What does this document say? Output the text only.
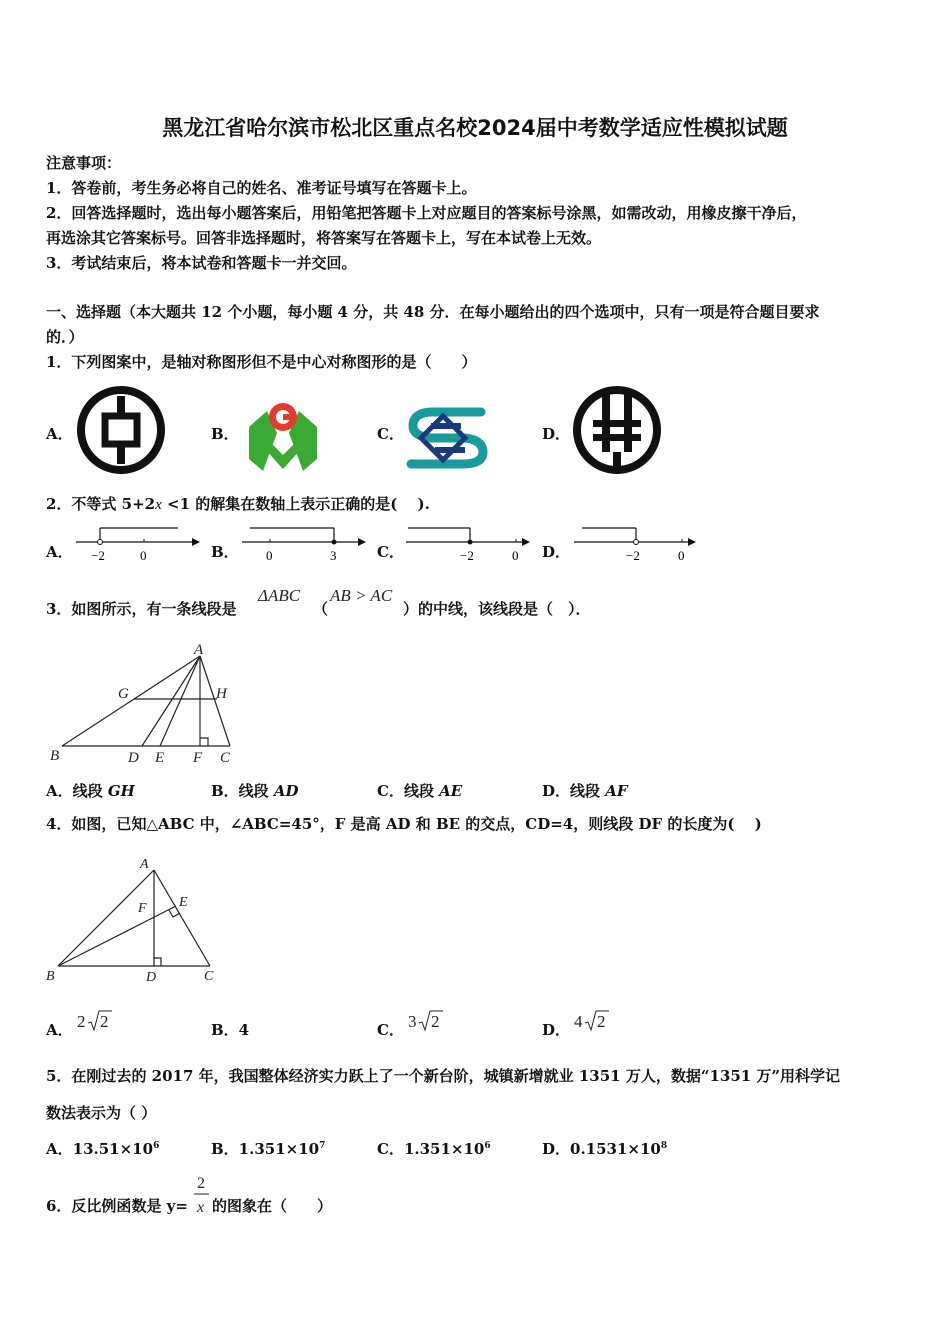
黑龙江省哈尔滨市松北区重点名校2024届中考数学适应性模拟试题
注意事项：
1．答卷前，考生务必将自己的姓名、准考证号填写在答题卡上。
2．回答选择题时，选出每小题答案后，用铅笔把答题卡上对应题目的答案标号涂黑，如需改动，用橡皮擦干净后，
再选涂其它答案标号。回答非选择题时，将答案写在答题卡上，写在本试卷上无效。
3．考试结束后，将本试卷和答题卡一并交回。
一、选择题（本大题共 12 个小题，每小题 4 分，共 48 分．在每小题给出的四个选项中，只有一项是符合题目要求
的．）
1．下列图案中，是轴对称图形但不是中心对称图形的是（　　）
A．	B．	C．	D．
2．不等式 5+2x <1 的解集在数轴上表示正确的是(　 ).
A．	B．	C．	D．
−2	0	0	3	−2	0	−2	0
3．如图所示，有一条线段是
ΔABC
（
AB > AC
）的中线，该线段是（　）．
A
G	H
B	D E F C
A．线段 GH	B．线段 AD	C．线段 AE	D．线段 AF
4．如图，已知△ABC 中，∠ABC=45°，F 是高 AD 和 BE 的交点，CD=4，则线段 DF 的长度为(　 )
A
E
F
B	D	C
A． 2 2	B．4	C． 3 2	D． 4 2
5．在刚过去的 2017 年，我国整体经济实力跃上了一个新台阶，城镇新增就业 1351 万人，数据“1351 万”用科学记
数法表示为（ ）
A．$13.51\times 10^6$	B．$1.351\times 10^7$	C．$1.351\times 10^6$	D．$0.1531\times 10^8$
6．反比例函数是 y=
2
x 的图象在（　　）
